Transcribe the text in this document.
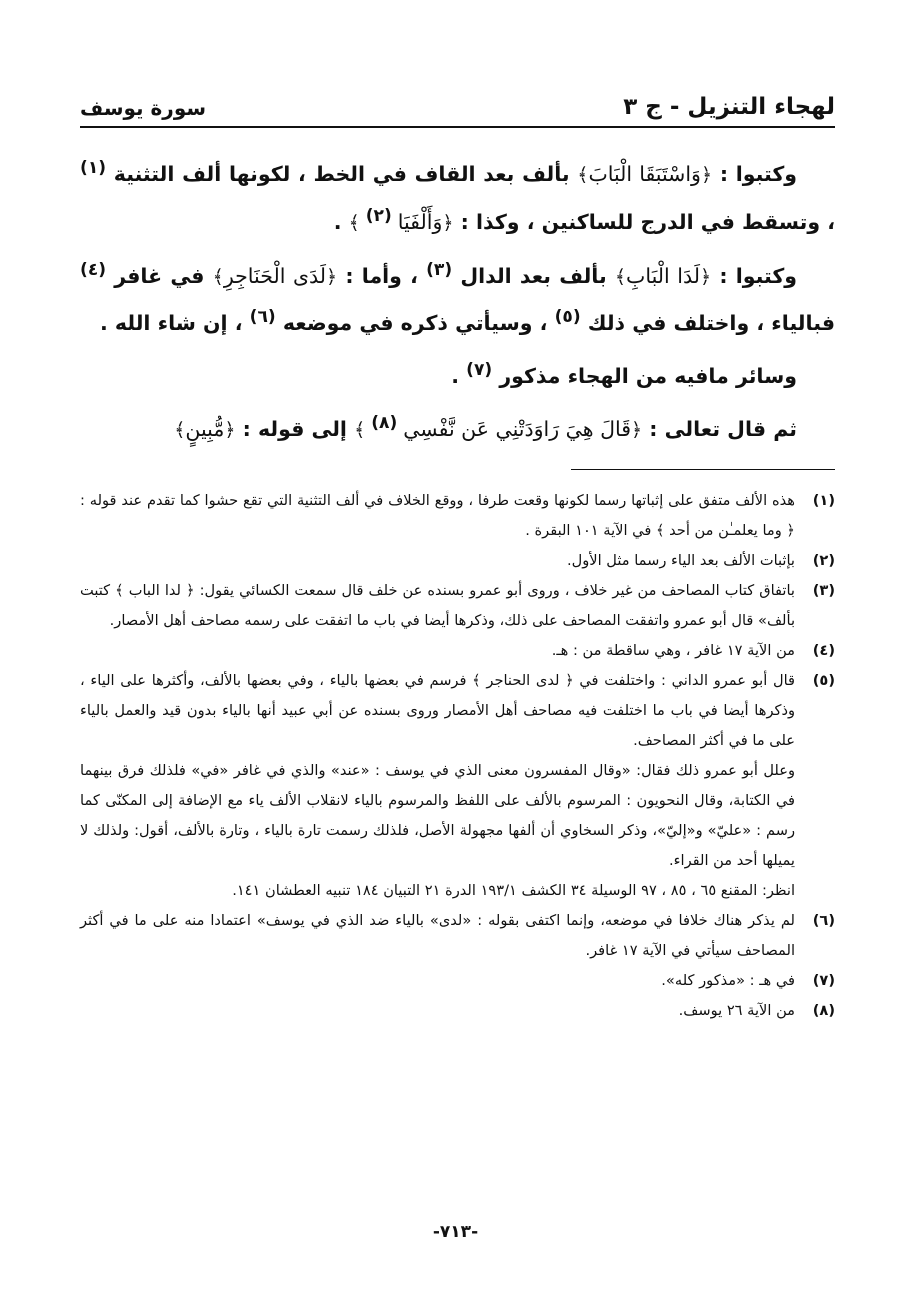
لهجاء التنزيل - ج ٣
سورة يوسف

وكتبوا : ﴿وَاسْتَبَقَا الْبَابَ﴾ بألف بعد القاف في الخط ، لكونها ألف التثنية $^{(١)}$ ، وتسقط في الدرج للساكنين ، وكذا : ﴿وَأَلْفَيَا $^{(٢)}$ ﴾ .

وكتبوا : ﴿لَدَا الْبَابِ﴾ بألف بعد الدال $^{(٣)}$ ، وأما : ﴿لَدَى الْحَنَاجِرِ﴾ في غافر $^{(٤)}$ فبالياء ، واختلف في ذلك $^{(٥)}$ ، وسيأتي ذكره في موضعه $^{(٦)}$ ، إن شاء الله .

وسائر مافيه من الهجاء مذكور $^{(٧)}$ .

ثم قال تعالى : ﴿قَالَ هِيَ رَاوَدَتْنِي عَن نَّفْسِي $^{(٨)}$ ﴾ إلى قوله : ﴿مُّبِينٍ﴾

(١)
هذه الألف متفق على إثباتها رسما لكونها وقعت طرفا ، ووقع الخلاف في ألف التثنية التي تقع حشوا كما تقدم عند قوله : ﴿ وما يعلمـٰن من أحد ﴾ في الآية ١٠١ البقرة .
(٢)
بإثبات الألف بعد الياء رسما مثل الأول.
(٣)
باتفاق كتاب المصاحف من غير خلاف ، وروى أبو عمرو بسنده عن خلف قال سمعت الكسائي يقول: ﴿ لدا الباب ﴾ كتبت بألف» قال أبو عمرو واتفقت المصاحف على ذلك، وذكرها أيضا في باب ما اتفقت على رسمه مصاحف أهل الأمصار.
(٤)
من الآية ١٧ غافر ، وهي ساقطة من : هـ.
(٥)
قال أبو عمرو الداني : واختلفت في ﴿ لدى الحناجر ﴾ فرسم في بعضها بالياء ، وفي بعضها بالألف، وأكثرها على الياء ، وذكرها أيضا في باب ما اختلفت فيه مصاحف أهل الأمصار وروى بسنده عن أبي عبيد أنها بالياء بدون قيد والعمل بالياء على ما في أكثر المصاحف.
وعلل أبو عمرو ذلك فقال: «وقال المفسرون معنى الذي في يوسف : «عند» والذي في غافر «في» فلذلك فرق بينهما في الكتابة، وقال النحويون : المرسوم بالألف على اللفظ والمرسوم بالياء لانقلاب الألف ياء مع الإضافة إلى المكنّى كما رسم : «عليّ» و«إليّ»، وذكر السخاوي أن ألفها مجهولة الأصل، فلذلك رسمت تارة بالياء ، وتارة بالألف، أقول: ولذلك لا يميلها أحد من القراء.
انظر: المقنع ٦٥ ، ٨٥ ، ٩٧ الوسيلة ٣٤ الكشف ١٩٣/١ الدرة ٢١ التبيان ١٨٤ تنبيه العطشان ١٤١.
(٦)
لم يذكر هناك خلافا في موضعه، وإنما اكتفى بقوله : «لدى» بالياء ضد الذي في يوسف» اعتمادا منه على ما في أكثر المصاحف سيأتي في الآية ١٧ غافر.
(٧)
في هـ : «مذكور كله».
(٨)
من الآية ٢٦ يوسف.
-٧١٣-
